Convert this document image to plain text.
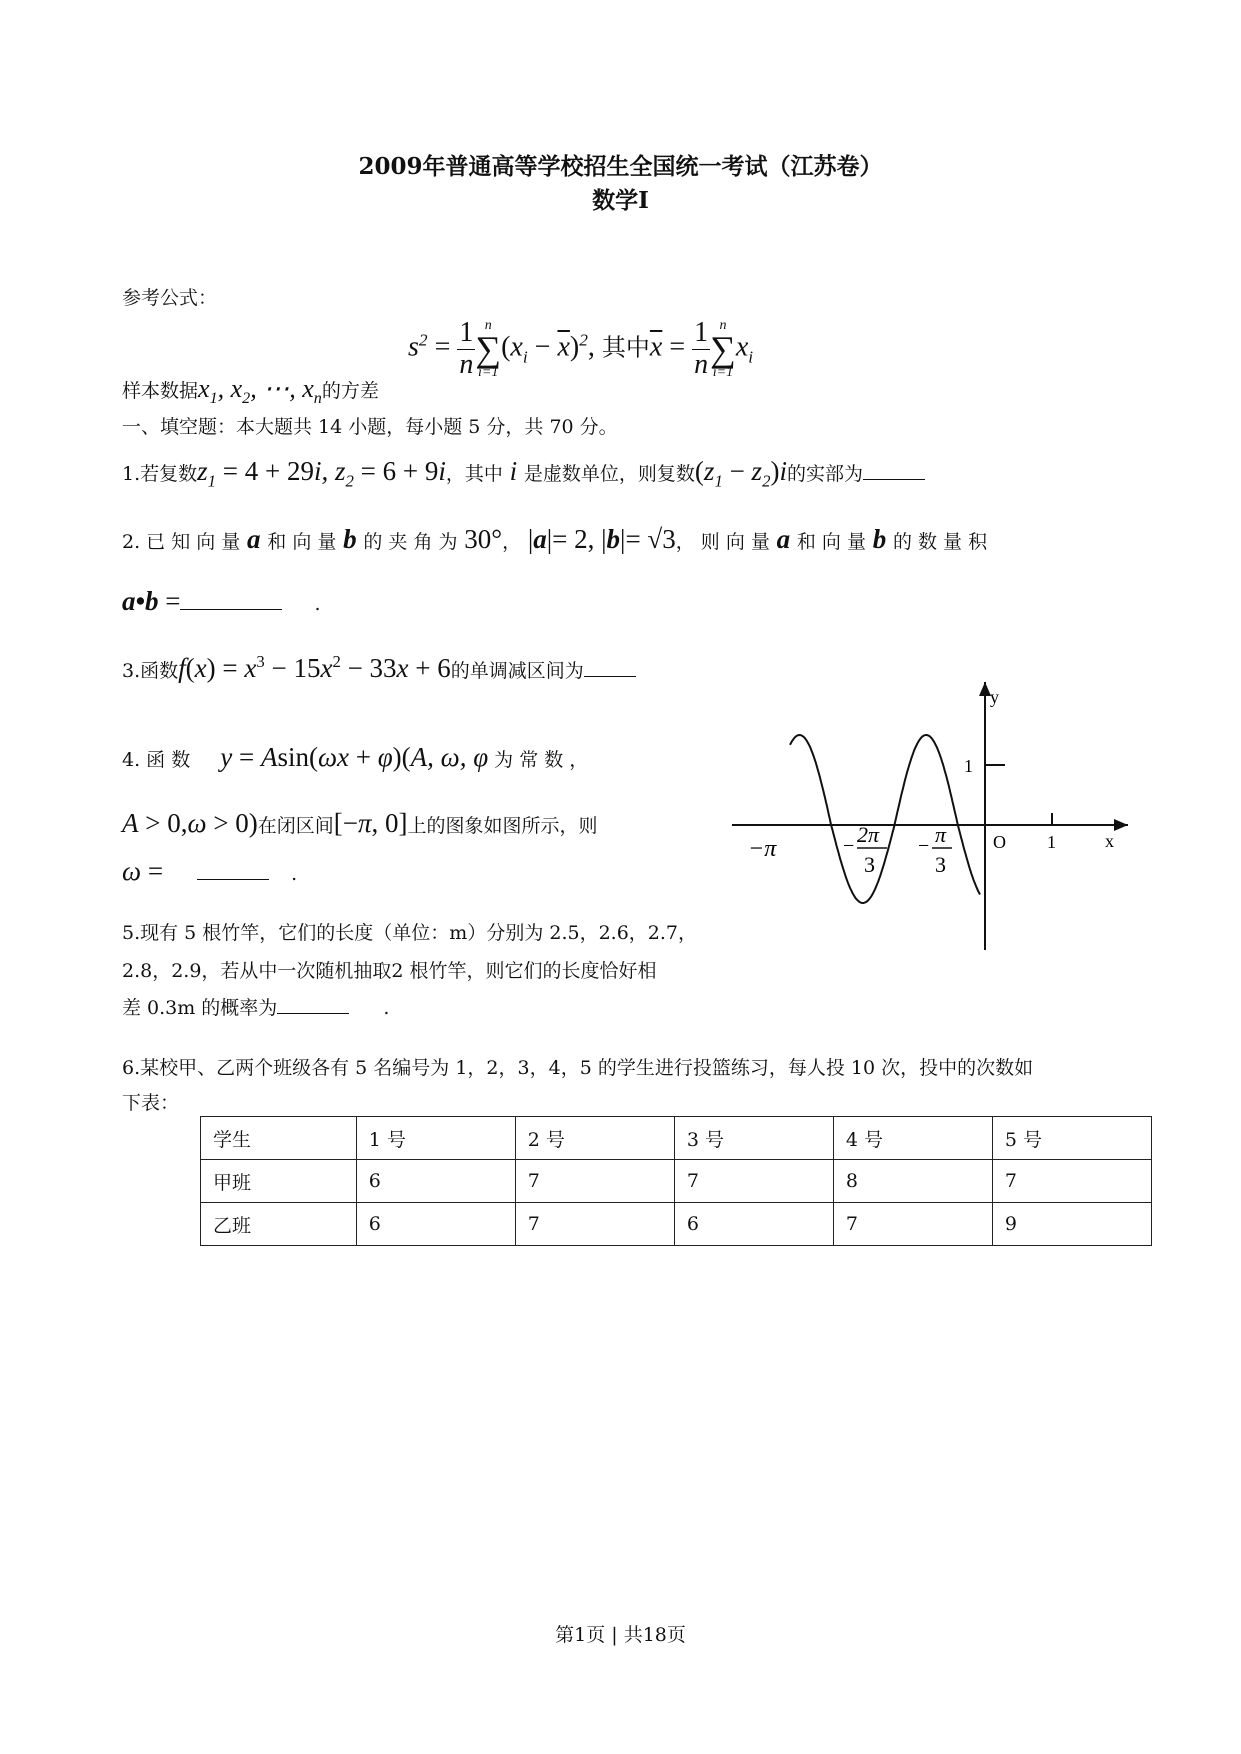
2009年普通高等学校招生全国统一考试（江苏卷）
数学Ⅰ
参考公式：
样本数据$x_1$, $x_2$, ⋯, $x_n$的方差
$s^2 = \frac{1}{n}$ n
∑
i=1
$(x_i - \overline{x})^2$, 其中$\overline{x} = \frac{1}{n}$ n
∑
i=1
$x_i$
一、填空题：本大题共 14 小题，每小题 5 分，共 70 分。
1.若复数$z_1 = 4 + 29i$, $z_2 = 6 + 9i$，其中 i 是虚数单位，则复数$(z_1 - z_2)i$的实部为
2. 已 知 向 量 a 和 向 量 b 的 夹 角 为 30°， |a|= 2, |b|= √3， 则 向 量 a 和 向 量 b 的 数 量 积
a•b =	.
3.函数$f(x) = x^3 - 15x^2 - 33x + 6$的单调减区间为
4. 函 数 y = Asin(ωx + φ)(A, ω, φ 为 常 数 ，
A > 0,ω > 0)在闭区间[−π, 0]上的图象如图所示，则
ω =	.
y
x
O 1
1
−π	− 2π
3
− π
3
5.现有 5 根竹竿，它们的长度（单位：m）分别为 2.5，2.6，2.7，
2.8，2.9，若从中一次随机抽取2 根竹竿，则它们的长度恰好相
差 0.3m 的概率为	.
6.某校甲、乙两个班级各有 5 名编号为 1，2，3，4，5 的学生进行投篮练习，每人投 10 次，投中的次数如
下表：
学生	1 号	2 号	3 号	4 号	5 号
甲班	6	7	7	8	7
乙班	6	7	6	7	9
第1页 | 共18页
